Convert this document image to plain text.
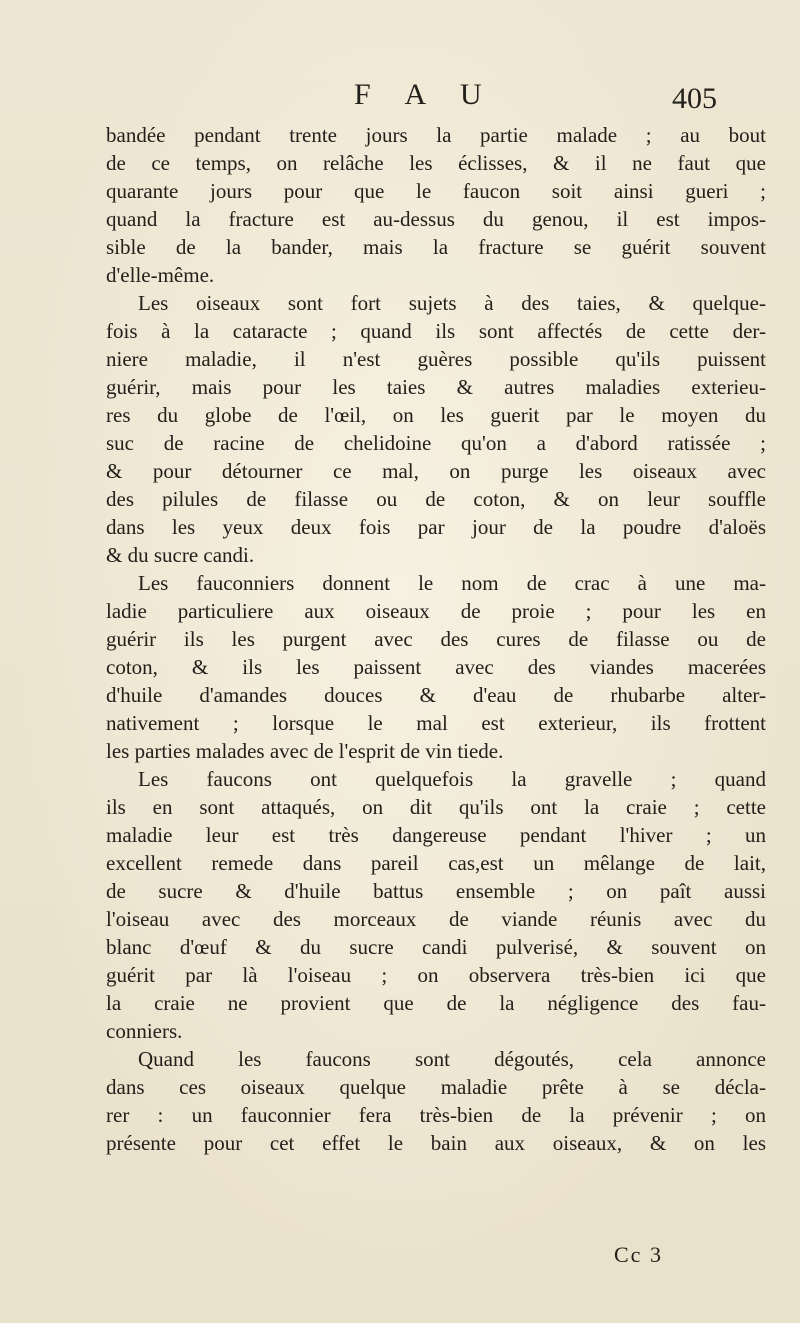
F A U	405
bandée pendant trente jours la partie malade ; au bout
de ce temps, on relâche les éclisses, & il ne faut que
quarante jours pour que le faucon soit ainsi gueri ;
quand la fracture est au-dessus du genou, il est impos-
sible de la bander, mais la fracture se guérit souvent
d'elle-même.
Les oiseaux sont fort sujets à des taies, & quelque-
fois à la cataracte ; quand ils sont affectés de cette der-
niere maladie, il n'est guères possible qu'ils puissent
guérir, mais pour les taies & autres maladies exterieu-
res du globe de l'œil, on les guerit par le moyen du
suc de racine de chelidoine qu'on a d'abord ratissée ;
& pour détourner ce mal, on purge les oiseaux avec
des pilules de filasse ou de coton, & on leur souffle
dans les yeux deux fois par jour de la poudre d'aloës
& du sucre candi.
Les fauconniers donnent le nom de crac à une ma-
ladie particuliere aux oiseaux de proie ; pour les en
guérir ils les purgent avec des cures de filasse ou de
coton, & ils les paissent avec des viandes macerées
d'huile d'amandes douces & d'eau de rhubarbe alter-
nativement ; lorsque le mal est exterieur, ils frottent
les parties malades avec de l'esprit de vin tiede.
Les faucons ont quelquefois la gravelle ; quand
ils en sont attaqués, on dit qu'ils ont la craie ; cette
maladie leur est très dangereuse pendant l'hiver ; un
excellent remede dans pareil cas,est un mêlange de lait,
de sucre & d'huile battus ensemble ; on paît aussi
l'oiseau avec des morceaux de viande réunis avec du
blanc d'œuf & du sucre candi pulverisé, & souvent on
guérit par là l'oiseau ; on observera très-bien ici que
la craie ne provient que de la négligence des fau-
conniers.
Quand les faucons sont dégoutés, cela annonce
dans ces oiseaux quelque maladie prête à se décla-
rer : un fauconnier fera très-bien de la prévenir ; on
présente pour cet effet le bain aux oiseaux, & on les
Cc 3
